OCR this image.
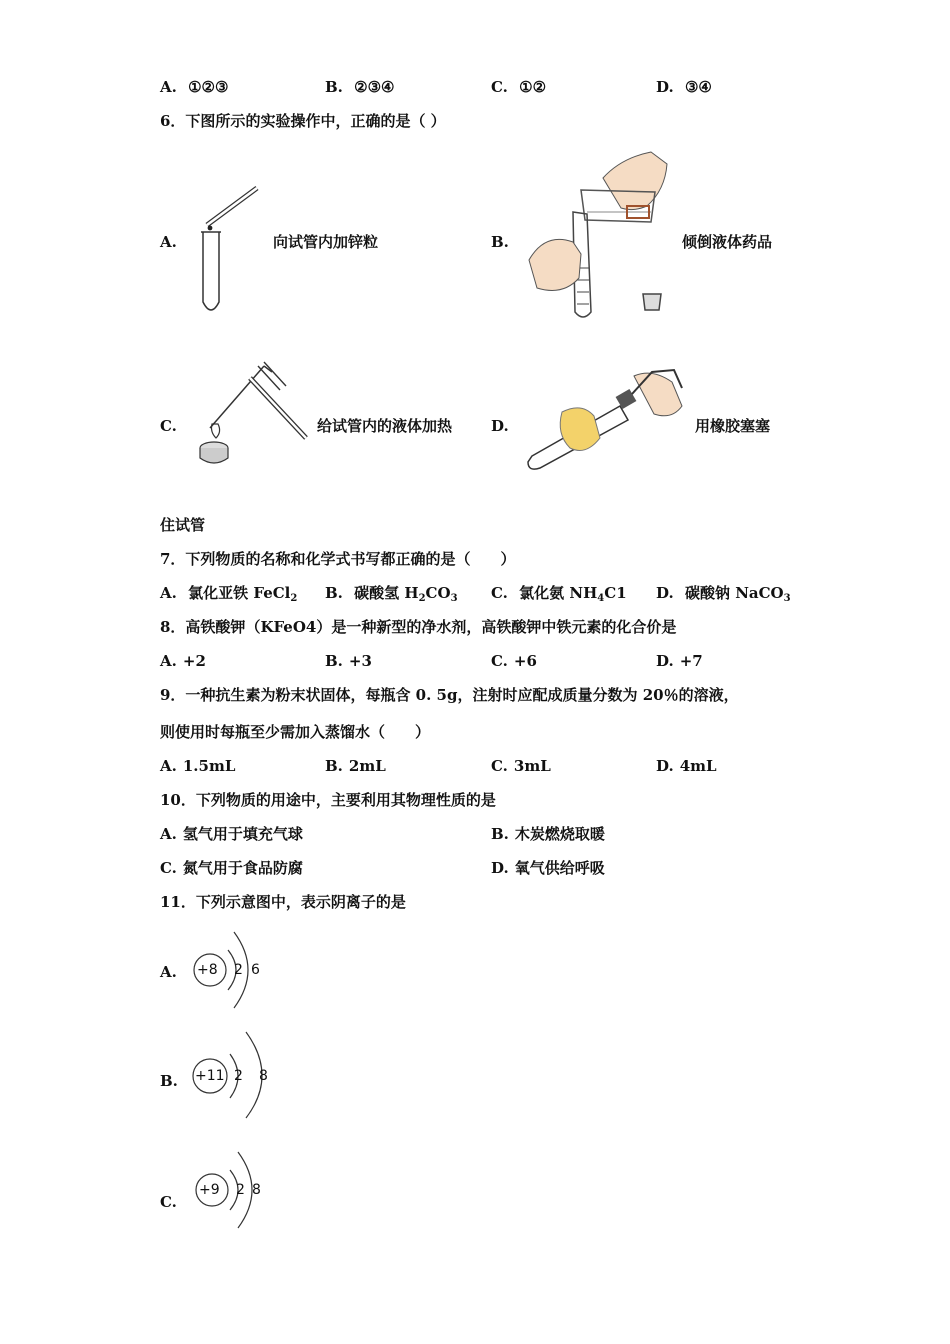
A. ①②③	B. ②③④	C. ①②	D. ③④
6．下图所示的实验操作中，正确的是（ ）
A.	向试管内加锌粒	B.	倾倒液体药品
C.	给试管内的液体加热	D.	用橡胶塞塞
住试管
7．下列物质的名称和化学式书写都正确的是（　　）
A. 氯化亚铁 FeCl$_2$ B. 碳酸氢 $H_2CO_3$ C. 氯化氨 $NH_4C1$ D. 碳酸钠 NaCO$_3$
8．高铁酸钾（KFeO4）是一种新型的净水剂，高铁酸钾中铁元素的化合价是
A. +2	B. +3	C. +6	D. +7
9．一种抗生素为粉末状固体，每瓶含 0. 5g，注射时应配成质量分数为 20％的溶液，
则使用时每瓶至少需加入蒸馏水（　　）
A. 1.5mL	B. 2mL	C. 3mL	D. 4mL
10．下列物质的用途中，主要利用其物理性质的是
A. 氢气用于填充气球	B. 木炭燃烧取暖
C. 氮气用于食品防腐	D. 氧气供给呼吸
11．下列示意图中，表示阴离子的是
A. +8 2 6
B. +11 2 8
C.
+9 2 8
